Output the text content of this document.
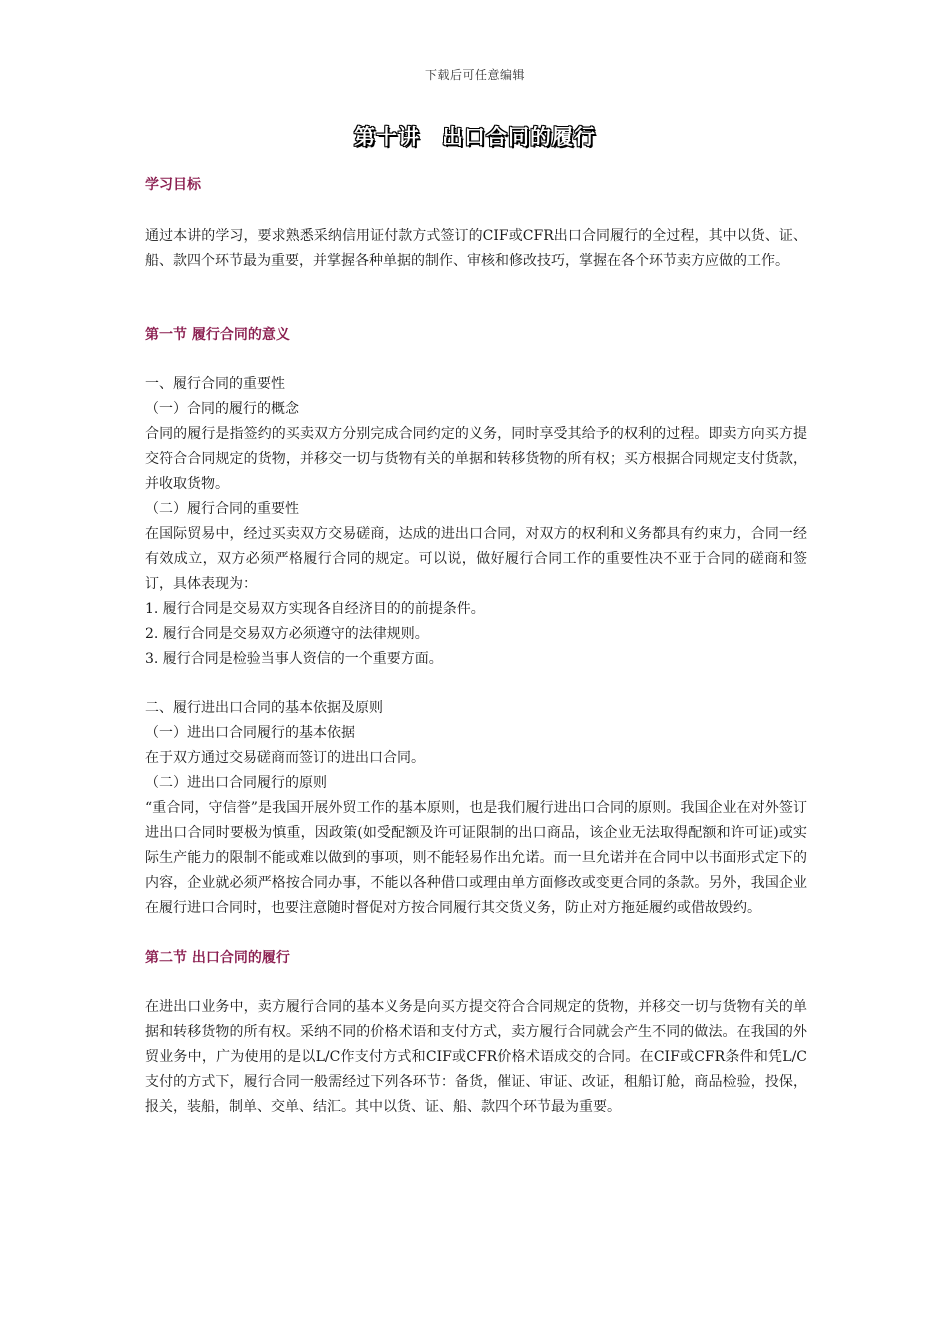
下载后可任意编辑
第十讲　出口合同的履行
学习目标

通过本讲的学习，要求熟悉采纳信用证付款方式签订的CIF或CFR出口合同履行的全过程，其中以货、证、船、款四个环节最为重要，并掌握各种单据的制作、审核和修改技巧，掌握在各个环节卖方应做的工作。

第一节 履行合同的意义

一、履行合同的重要性

（一）合同的履行的概念

合同的履行是指签约的买卖双方分别完成合同约定的义务，同时享受其给予的权利的过程。即卖方向买方提交符合合同规定的货物，并移交一切与货物有关的单据和转移货物的所有权；买方根据合同规定支付货款，并收取货物。

（二）履行合同的重要性

在国际贸易中，经过买卖双方交易磋商，达成的进出口合同，对双方的权利和义务都具有约束力，合同一经有效成立，双方必须严格履行合同的规定。可以说，做好履行合同工作的重要性决不亚于合同的磋商和签订，具体表现为：

1. 履行合同是交易双方实现各自经济目的的前提条件。

2. 履行合同是交易双方必须遵守的法律规则。

3. 履行合同是检验当事人资信的一个重要方面。

二、履行进出口合同的基本依据及原则

（一）进出口合同履行的基本依据

在于双方通过交易磋商而签订的进出口合同。

（二）进出口合同履行的原则

“重合同，守信誉”是我国开展外贸工作的基本原则，也是我们履行进出口合同的原则。我国企业在对外签订进出口合同时要极为慎重，因政策(如受配额及许可证限制的出口商品，该企业无法取得配额和许可证)或实际生产能力的限制不能或难以做到的事项，则不能轻易作出允诺。而一旦允诺并在合同中以书面形式定下的内容，企业就必须严格按合同办事，不能以各种借口或理由单方面修改或变更合同的条款。另外，我国企业在履行进口合同时，也要注意随时督促对方按合同履行其交货义务，防止对方拖延履约或借故毁约。

第二节 出口合同的履行

在进出口业务中，卖方履行合同的基本义务是向买方提交符合合同规定的货物，并移交一切与货物有关的单据和转移货物的所有权。采纳不同的价格术语和支付方式，卖方履行合同就会产生不同的做法。在我国的外贸业务中，广为使用的是以L/C作支付方式和CIF或CFR价格术语成交的合同。在CIF或CFR条件和凭L/C支付的方式下，履行合同一般需经过下列各环节：备货，催证、审证、改证，租船订舱，商品检验，投保，报关，装船，制单、交单、结汇。其中以货、证、船、款四个环节最为重要。
